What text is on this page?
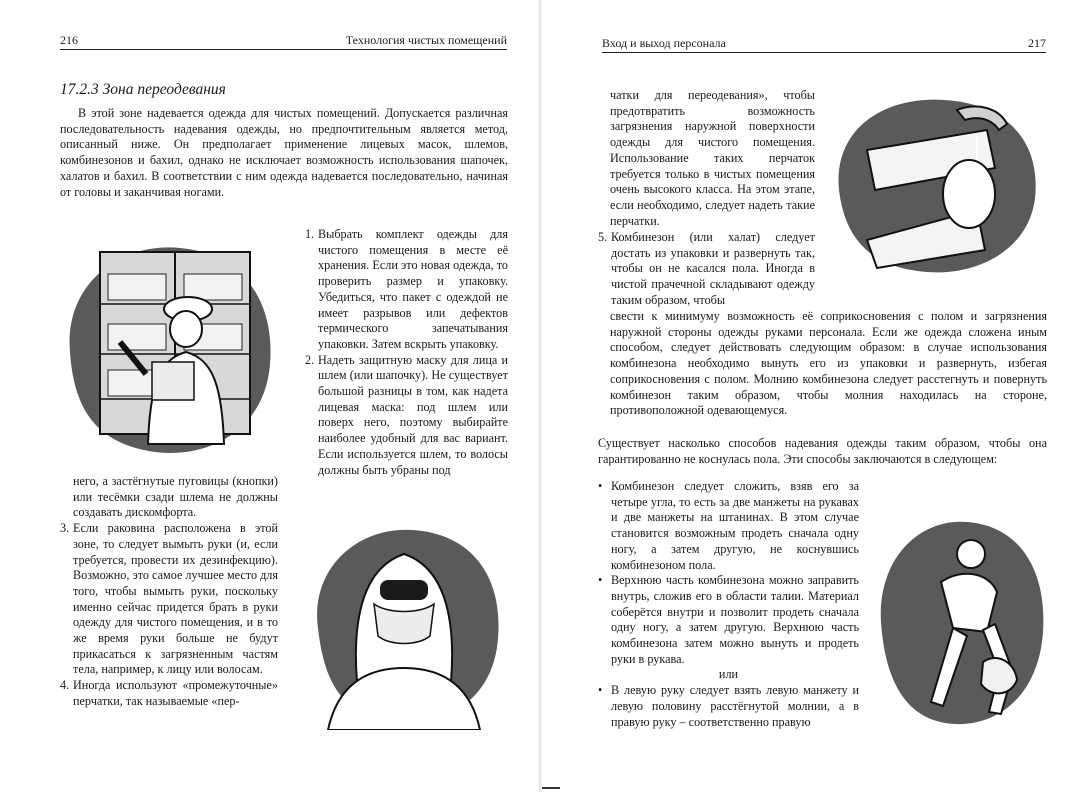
216	Технология чистых помещений
17.2.3 Зона переодевания

В этой зоне надевается одежда для чистых помещений. Допускается различная последовательность надевания одежды, но предпочтительным является метод, описанный ниже. Он предполагает применение лицевых масок, шлемов, комбинезонов и бахил, однако не исключает возможность использования шапочек, халатов и бахил. В соответствии с ним одежда надевается последовательно, начиная от головы и заканчивая ногами.

1. Выбрать комплект одежды для чистого помещения в месте её хранения. Если это новая одежда, то проверить размер и упаковку. Убедиться, что пакет с одеждой не имеет разрывов или дефектов термического запечатывания упаковки. Затем вскрыть упаковку.
2. Надеть защитную маску для лица и шлем (или шапочку). Не существует большой разницы в том, как надета лицевая маска: под шлем или поверх него, поэтому выбирайте наиболее удобный для вас вариант. Если используется шлем, то волосы должны быть убраны под

него, а застёгнутые пуговицы (кнопки) или тесёмки сзади шлема не должны создавать дискомфорта.

3. Если раковина расположена в этой зоне, то следует вымыть руки (и, если требуется, провести их дезинфекцию). Возможно, это самое лучшее место для того, чтобы вымыть руки, поскольку именно сейчас придется брать в руки одежду для чистого помещения, и в то же время руки больше не будут прикасаться к загрязненным частям тела, например, к лицу или волосам.
4. Иногда используют «промежуточные» перчатки, так называемые «пер-
Вход и выход персонала	217

чатки для переодевания», чтобы предотвратить возможность загрязнения наружной поверхности одежды для чистого помещения. Использование таких перчаток требуется только в чистых помещения очень высокого класса. На этом этапе, если необходимо, следует надеть такие перчатки.

5. Комбинезон (или халат) следует достать из упаковки и развернуть так, чтобы он не касался пола. Иногда в чистой прачечной складывают одежду таким образом, чтобы

свести к минимуму возможность её соприкосновения с полом и загрязнения наружной стороны одежды руками персонала. Если же одежда сложена иным способом, следует действовать следующим образом: в случае использования комбинезона необходимо вынуть его из упаковки и развернуть, избегая соприкосновения с полом. Молнию комбинезона следует расстегнуть и повернуть комбинезон таким образом, чтобы молния находилась на стороне, противоположной одевающемуся.

Существует насколько способов надевания одежды таким образом, чтобы она гарантированно не коснулась пола. Эти способы заключаются в следующем:

• Комбинезон следует сложить, взяв его за четыре угла, то есть за две манжеты на рукавах и две манжеты на штанинах. В этом случае становится возможным продеть сначала одну ногу, а затем другую, не коснувшись комбинезоном пола.
• Верхнюю часть комбинезона можно заправить внутрь, сложив его в области талии. Материал соберётся внутри и позволит продеть сначала одну ногу, а затем другую. Верхнюю часть комбинезона затем можно вынуть и продеть руки в рукава.

или

• В левую руку следует взять левую манжету и левую половину расстёгнутой молнии, а в правую руку – соответственно правую
